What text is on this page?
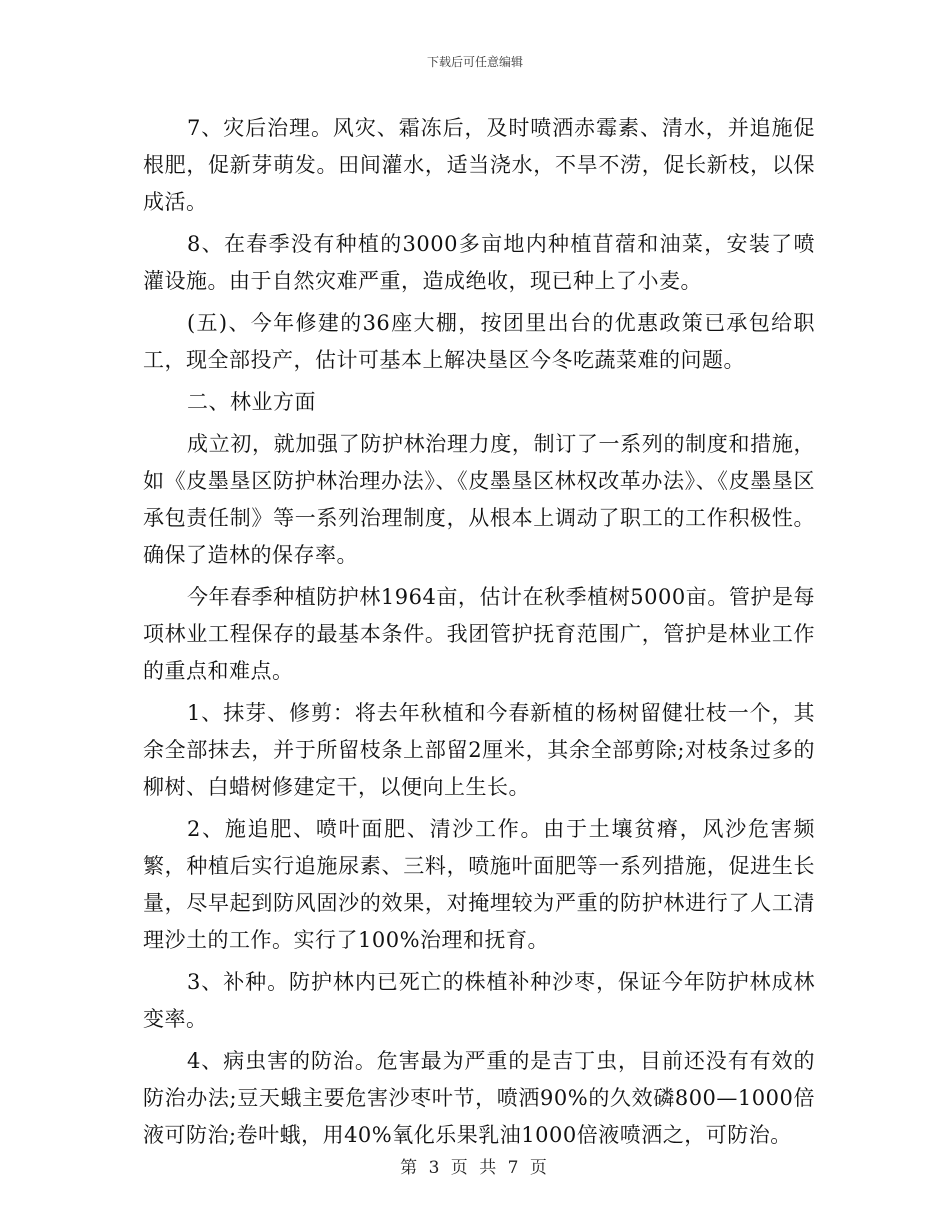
下载后可任意编辑

7、灾后治理。风灾、霜冻后，及时喷洒赤霉素、清水，并追施促根肥，促新芽萌发。田间灌水，适当浇水，不旱不涝，促长新枝，以保成活。

8、在春季没有种植的3000多亩地内种植苜蓿和油菜，安装了喷灌设施。由于自然灾难严重，造成绝收，现已种上了小麦。

(五)、今年修建的36座大棚，按团里出台的优惠政策已承包给职工，现全部投产，估计可基本上解决垦区今冬吃蔬菜难的问题。

二、林业方面

成立初，就加强了防护林治理力度，制订了一系列的制度和措施，如《皮墨垦区防护林治理办法》、《皮墨垦区林权改革办法》、《皮墨垦区承包责任制》等一系列治理制度，从根本上调动了职工的工作积极性。确保了造林的保存率。

今年春季种植防护林1964亩，估计在秋季植树5000亩。管护是每项林业工程保存的最基本条件。我团管护抚育范围广，管护是林业工作的重点和难点。

1、抹芽、修剪：将去年秋植和今春新植的杨树留健壮枝一个，其余全部抹去，并于所留枝条上部留2厘米，其余全部剪除;对枝条过多的柳树、白蜡树修建定干，以便向上生长。

2、施追肥、喷叶面肥、清沙工作。由于土壤贫瘠，风沙危害频繁，种植后实行追施尿素、三料，喷施叶面肥等一系列措施，促进生长量，尽早起到防风固沙的效果，对掩埋较为严重的防护林进行了人工清理沙土的工作。实行了100%治理和抚育。

3、补种。防护林内已死亡的株植补种沙枣，保证今年防护林成林变率。

4、病虫害的防治。危害最为严重的是吉丁虫，目前还没有有效的防治办法;豆天蛾主要危害沙枣叶节，喷洒90%的久效磷800—1000倍液可防治;卷叶蛾，用40%氧化乐果乳油1000倍液喷洒之，可防治。

第 3 页 共 7 页
